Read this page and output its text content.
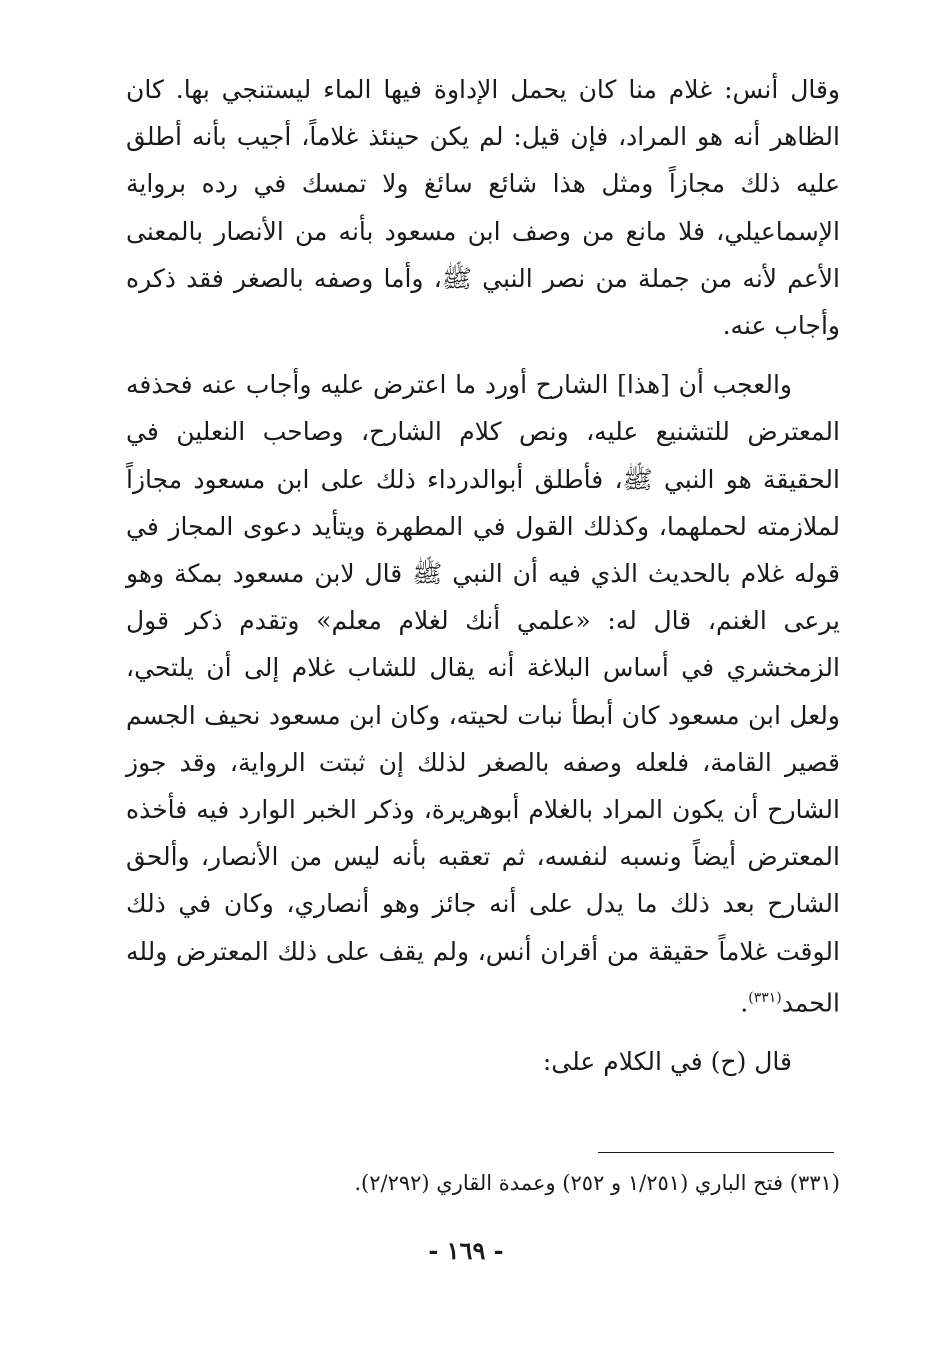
وقال أنس: غلام منا كان يحمل الإداوة فيها الماء ليستنجي بها. كان الظاهر أنه هو المراد، فإن قيل: لم يكن حينئذ غلاماً، أجيب بأنه أطلق عليه ذلك مجازاً ومثل هذا شائع سائغ ولا تمسك في رده برواية الإسماعيلي، فلا مانع من وصف ابن مسعود بأنه من الأنصار بالمعنى الأعم لأنه من جملة من نصر النبي ﷺ، وأما وصفه بالصغر فقد ذكره وأجاب عنه.

والعجب أن [هذا] الشارح أورد ما اعترض عليه وأجاب عنه فحذفه المعترض للتشنيع عليه، ونص كلام الشارح، وصاحب النعلين في الحقيقة هو النبي ﷺ، فأطلق أبوالدرداء ذلك على ابن مسعود مجازاً لملازمته لحملهما، وكذلك القول في المطهرة ويتأيد دعوى المجاز في قوله غلام بالحديث الذي فيه أن النبي ﷺ قال لابن مسعود بمكة وهو يرعى الغنم، قال له: «علمي أنك لغلام معلم» وتقدم ذكر قول الزمخشري في أساس البلاغة أنه يقال للشاب غلام إلى أن يلتحي، ولعل ابن مسعود كان أبطأ نبات لحيته، وكان ابن مسعود نحيف الجسم قصير القامة، فلعله وصفه بالصغر لذلك إن ثبتت الرواية، وقد جوز الشارح أن يكون المراد بالغلام أبوهريرة، وذكر الخبر الوارد فيه فأخذه المعترض أيضاً ونسبه لنفسه، ثم تعقبه بأنه ليس من الأنصار، وألحق الشارح بعد ذلك ما يدل على أنه جائز وهو أنصاري، وكان في ذلك الوقت غلاماً حقيقة من أقران أنس، ولم يقف على ذلك المعترض ولله الحمد$^{(٣٣١)}$.

قال (ح) في الكلام على:

(٣٣١) فتح الباري (١/٢٥١ و ٢٥٢) وعمدة القاري (٢/٢٩٢).
- ١٦٩ -
